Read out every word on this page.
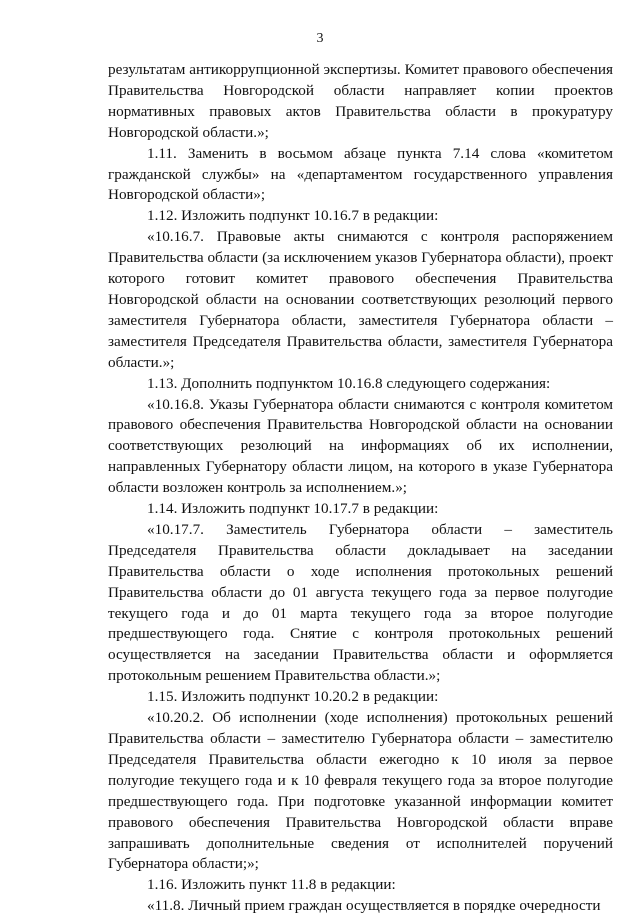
3

результатам антикоррупционной экспертизы. Комитет правового обеспечения Правительства Новгородской области направляет копии проектов нормативных правовых актов Правительства области в прокуратуру Новгородской области.»;

1.11. Заменить в восьмом абзаце пункта 7.14 слова «комитетом гражданской службы» на «департаментом государственного управления Новгородской области»;

1.12. Изложить подпункт 10.16.7 в редакции:

«10.16.7. Правовые акты снимаются с контроля распоряжением Правительства области (за исключением указов Губернатора области), проект которого готовит комитет правового обеспечения Правительства Новгородской области на основании соответствующих резолюций первого заместителя Губернатора области, заместителя Губернатора области – заместителя Председателя Правительства области, заместителя Губернатора области.»;

1.13. Дополнить подпунктом 10.16.8 следующего содержания:

«10.16.8. Указы Губернатора области снимаются с контроля комитетом правового обеспечения Правительства Новгородской области на основании соответствующих резолюций на информациях об их исполнении, направленных Губернатору области лицом, на которого в указе Губернатора области возложен контроль за исполнением.»;

1.14. Изложить подпункт 10.17.7 в редакции:

«10.17.7. Заместитель Губернатора области – заместитель Председателя Правительства области докладывает на заседании Правительства области о ходе исполнения протокольных решений Правительства области до 01 августа текущего года за первое полугодие текущего года и до 01 марта текущего года за второе полугодие предшествующего года. Снятие с контроля протокольных решений осуществляется на заседании Правительства области и оформляется протокольным решением Правительства области.»;

1.15. Изложить подпункт 10.20.2 в редакции:

«10.20.2. Об исполнении (ходе исполнения) протокольных решений Правительства области – заместителю Губернатора области – заместителю Председателя Правительства области ежегодно к 10 июля за первое полугодие текущего года и к 10 февраля текущего года за второе полугодие предшествующего года. При подготовке указанной информации комитет правового обеспечения Правительства Новгородской области вправе запрашивать дополнительные сведения от исполнителей поручений Губернатора области;»;

1.16. Изложить пункт 11.8 в редакции:

«11.8. Личный прием граждан осуществляется в порядке очередности
